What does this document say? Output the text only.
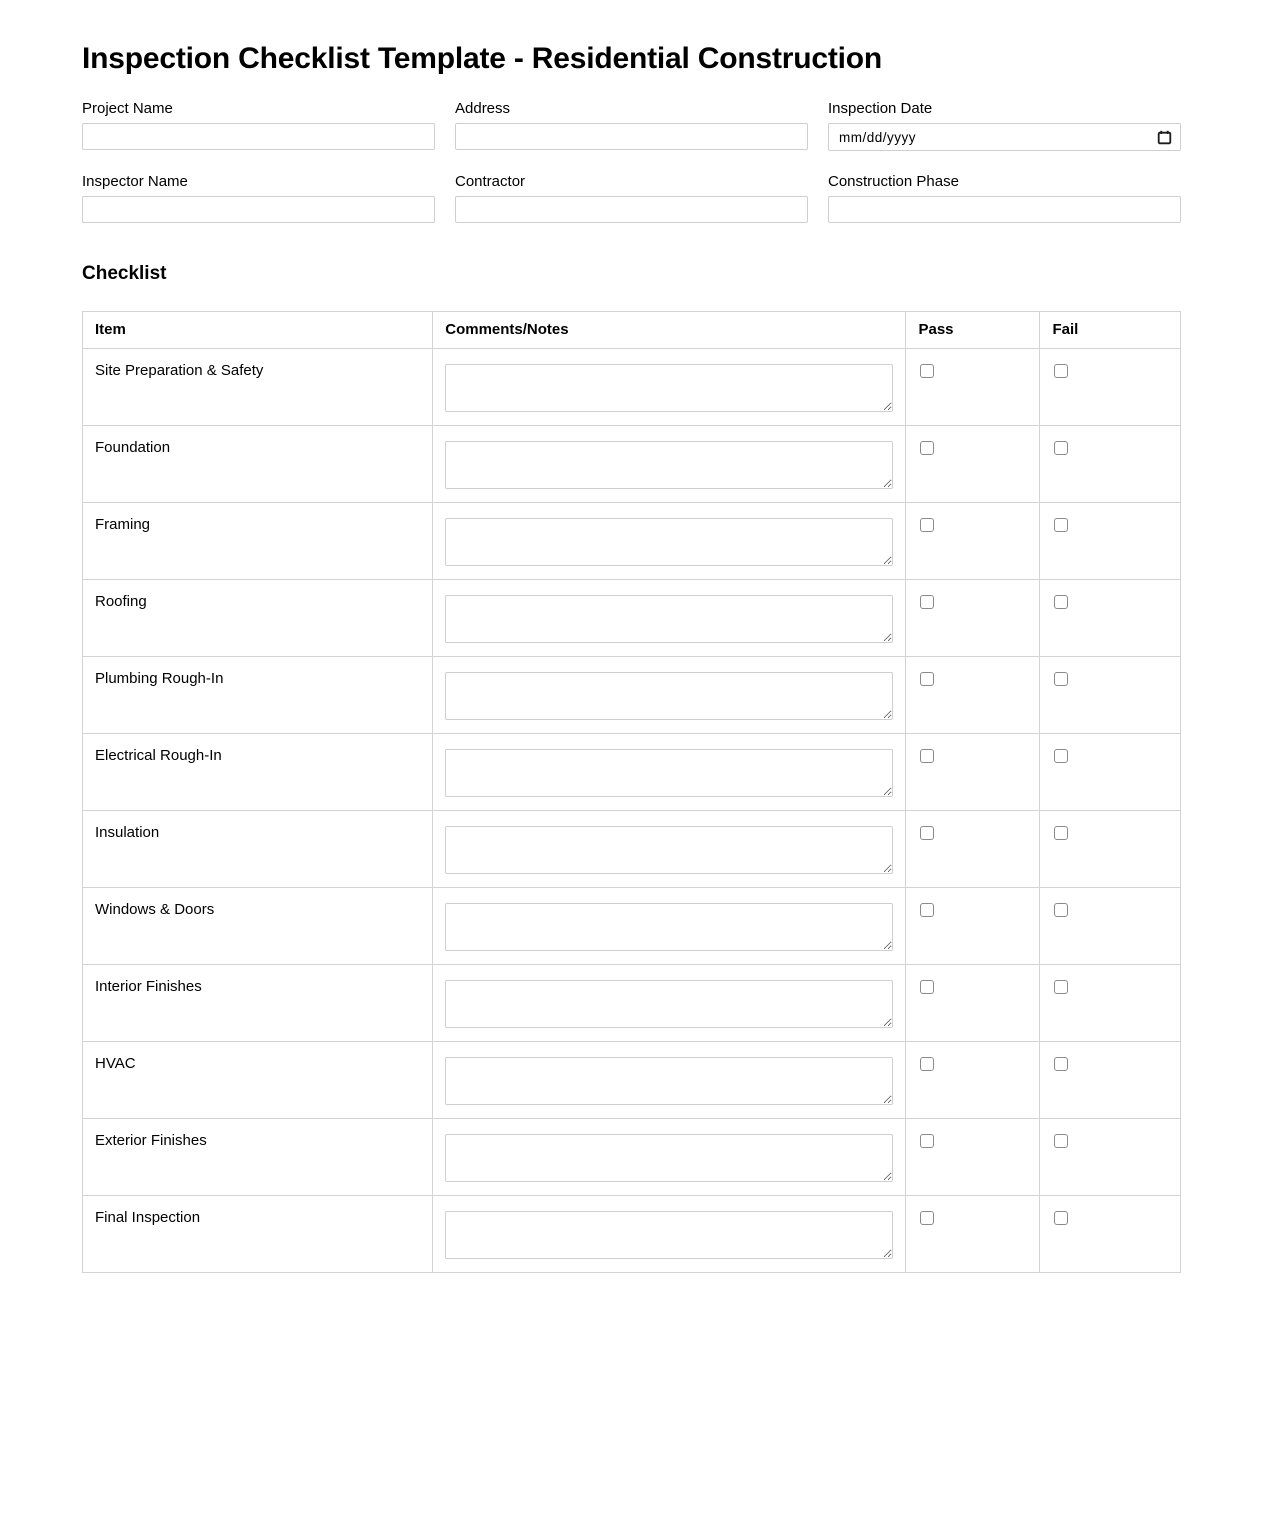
Inspection Checklist Template - Residential Construction
Project Name	Address	Inspection Date
mm/dd/yyyy
Inspector Name	Contractor	Construction Phase
Checklist
Item	Comments/Notes	Pass	Fail
Site Preparation & Safety	

Foundation	

Framing	

Roofing	

Plumbing Rough-In	

Electrical Rough-In	

Insulation	

Windows & Doors	

Interior Finishes	

HVAC	

Exterior Finishes	

Final Inspection	
